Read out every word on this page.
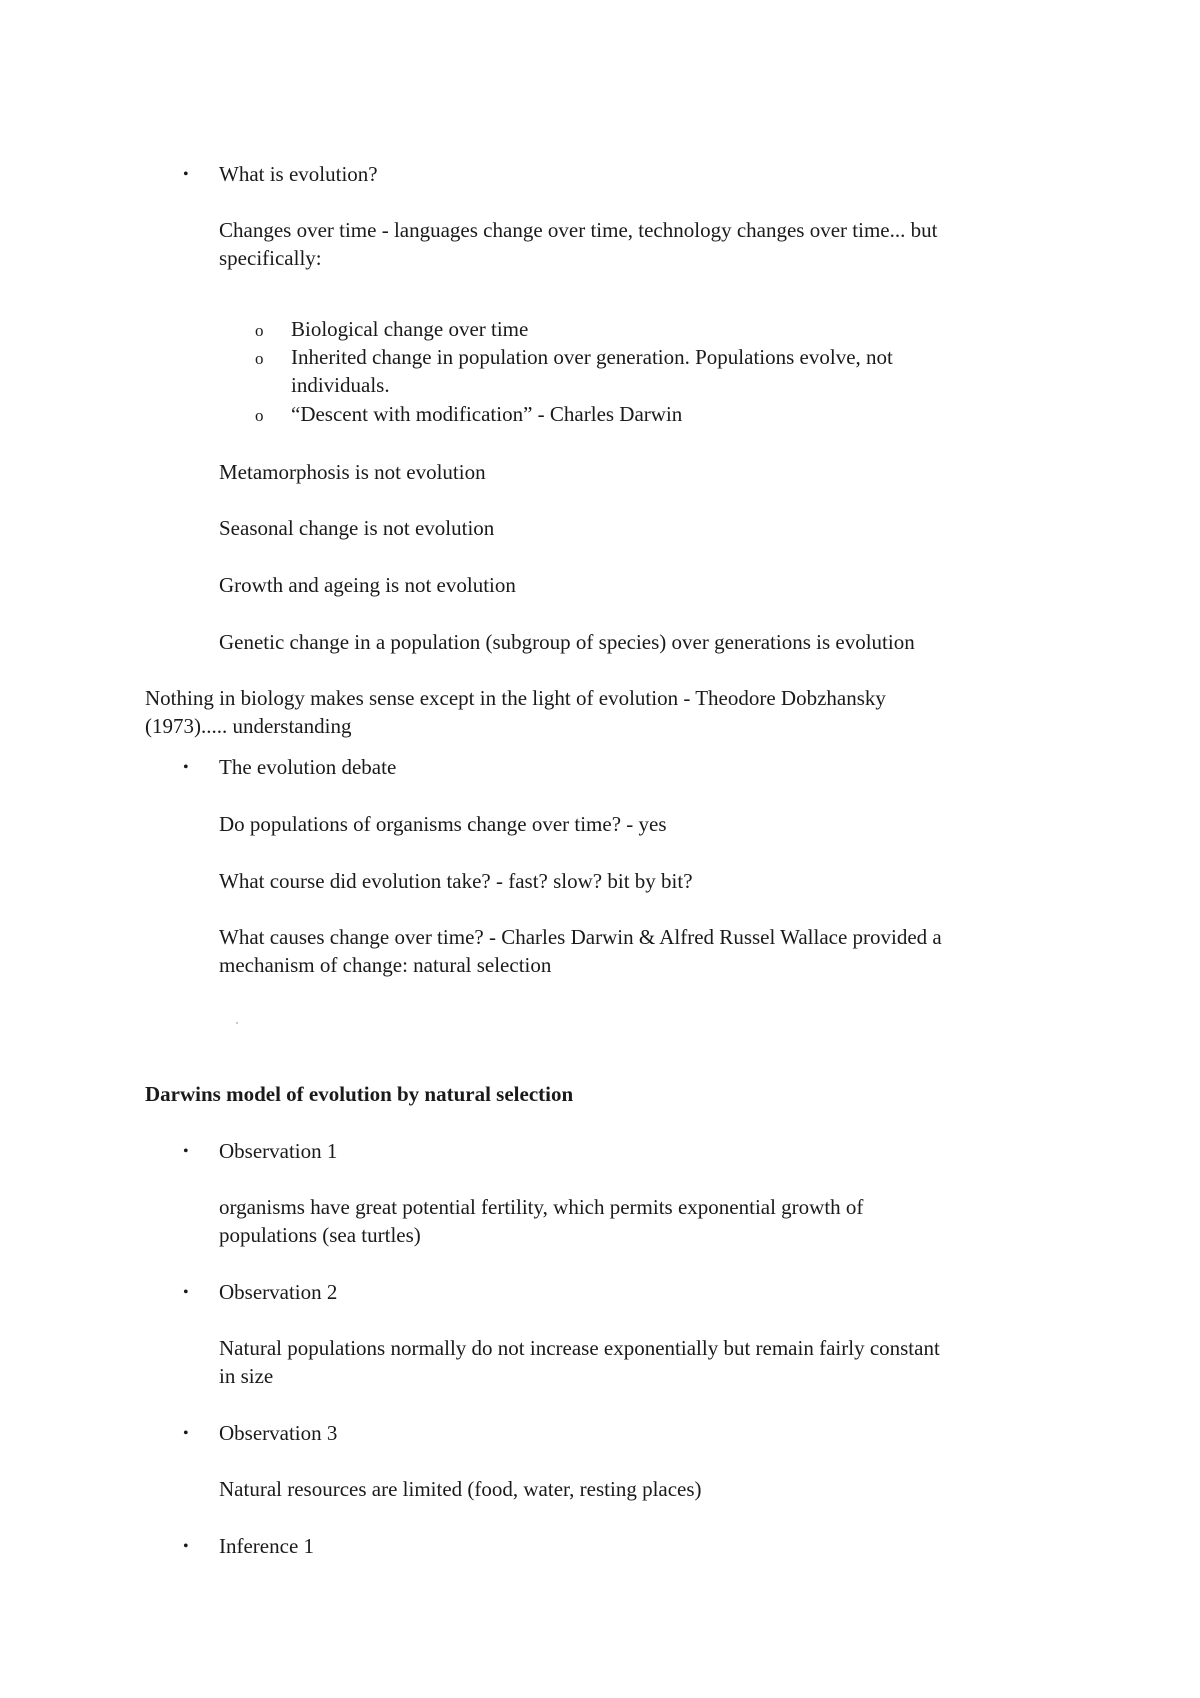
• What is evolution?
Changes over time - languages change over time, technology changes over time... but
specifically:
o Biological change over time
o Inherited change in population over generation. Populations evolve, not
individuals.
o “Descent with modification” - Charles Darwin
Metamorphosis is not evolution
Seasonal change is not evolution
Growth and ageing is not evolution
Genetic change in a population (subgroup of species) over generations is evolution
Nothing in biology makes sense except in the light of evolution - Theodore Dobzhansky
(1973)..... understanding
• The evolution debate
Do populations of organisms change over time? - yes
What course did evolution take? - fast? slow? bit by bit?
What causes change over time? - Charles Darwin & Alfred Russel Wallace provided a
mechanism of change: natural selection
Darwins model of evolution by natural selection
• Observation 1
organisms have great potential fertility, which permits exponential growth of
populations (sea turtles)
• Observation 2
Natural populations normally do not increase exponentially but remain fairly constant
in size
• Observation 3
Natural resources are limited (food, water, resting places)
• Inference 1
